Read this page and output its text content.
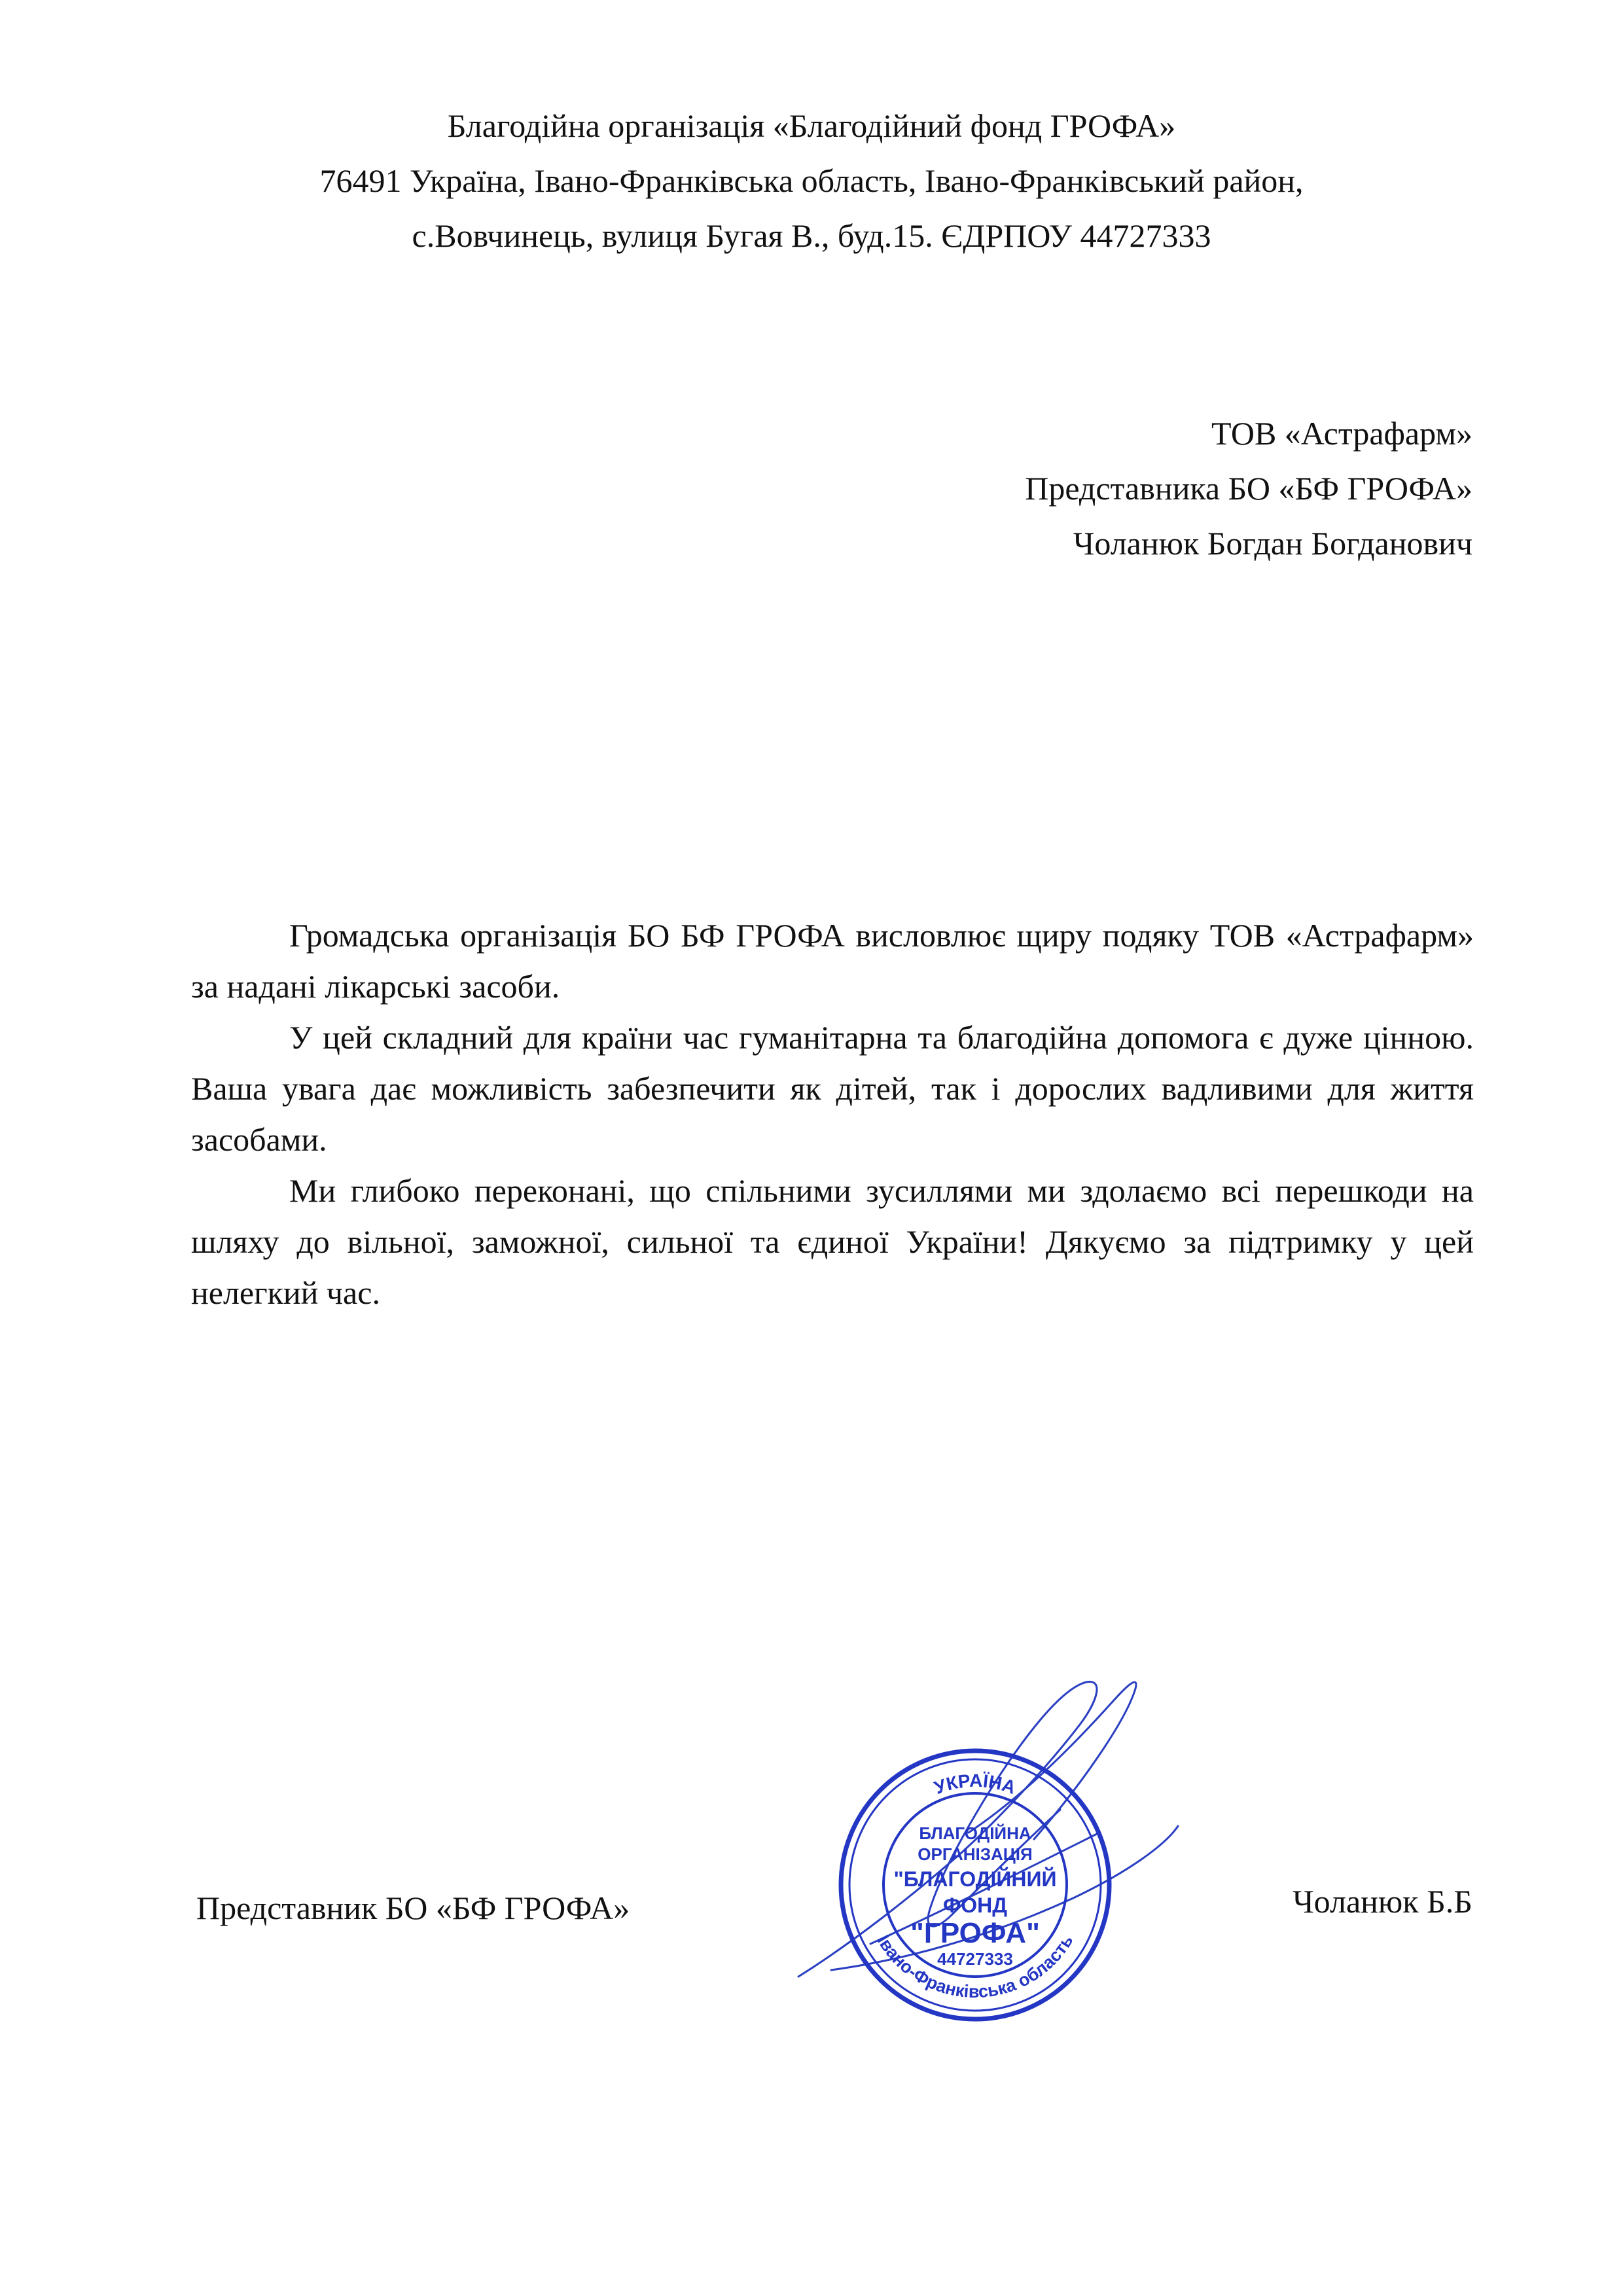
Благодійна організація «Благодійний фонд ГРОФА»
76491 Україна, Івано-Франківська область, Івано-Франківський район,
с.Вовчинець, вулиця Бугая В., буд.15. ЄДРПОУ 44727333
ТОВ «Астрафарм»
Представника БО «БФ ГРОФА»
Чоланюк Богдан Богданович

Громадська організація БО БФ ГРОФА висловлює щиру подяку ТОВ «Астрафарм» за надані лікарські засоби.

У цей складний для країни час гуманітарна та благодійна допомога є дуже цінною. Ваша увага дає можливість забезпечити як дітей, так і дорослих вадливими для життя засобами.

Ми глибоко переконані, що спільними зусиллями ми здолаємо всі перешкоди на шляху до вільної, заможної, сильної та єдиної України! Дякуємо за підтримку у цей нелегкий час.

Представник БО «БФ ГРОФА»	Чоланюк Б.Б
УКРАЇНА
Івано-Франківська область
БЛАГОДІЙНА
ОРГАНІЗАЦІЯ
"БЛАГОДІЙНИЙ
ФОНД
"ГРОФА"
44727333
